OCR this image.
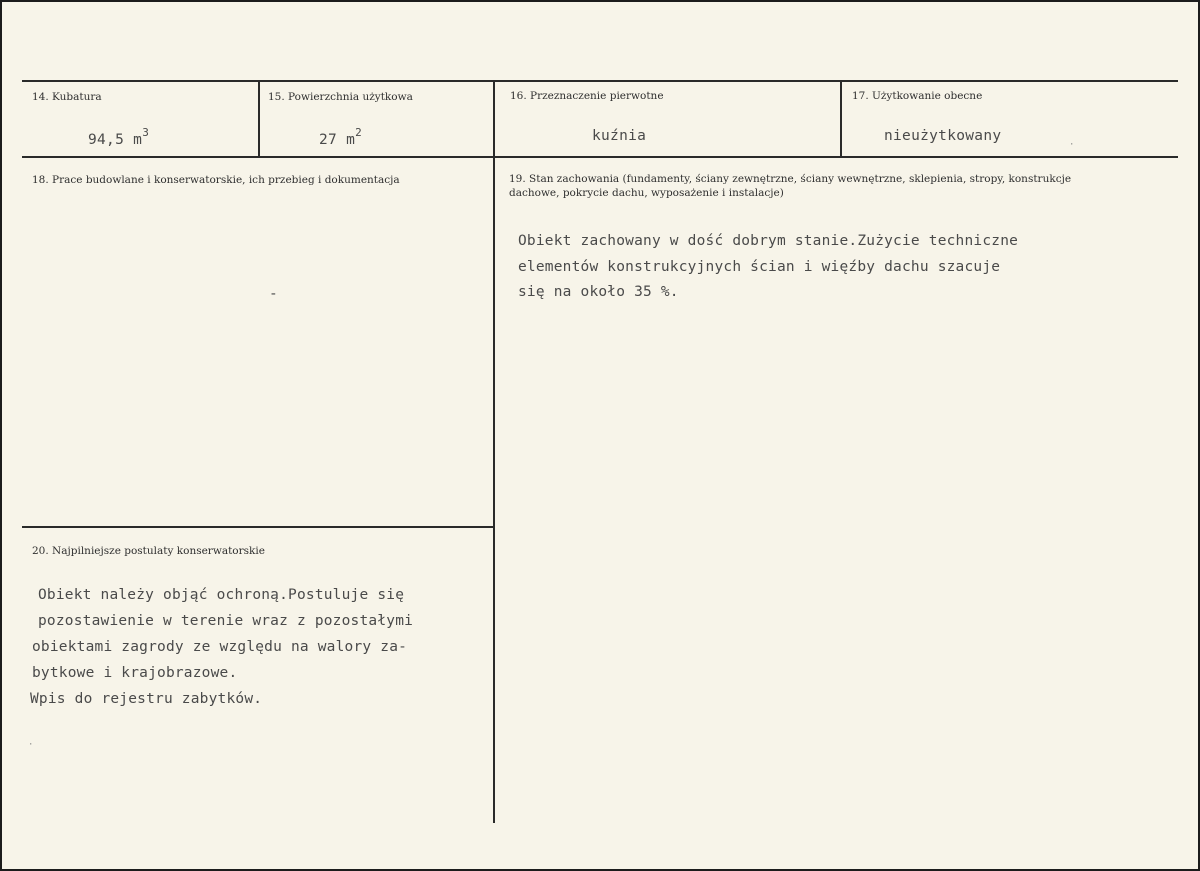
14. Kubatura
94,5 $m^3$
15. Powierzchnia użytkowa
27 $m^2$
16. Przeznaczenie pierwotne
kuźnia
17. Użytkowanie obecne
nieużytkowany
·
18. Prace budowlane i konserwatorskie, ich przebieg i dokumentacja
-
19. Stan zachowania (fundamenty, ściany zewnętrzne, ściany wewnętrzne, sklepienia, stropy, konstrukcje dachowe, pokrycie dachu, wyposażenie i instalacje)
Obiekt zachowany w dość dobrym stanie.Zużycie techniczne
elementów konstrukcyjnych ścian i więźby dachu szacuje
się na około 35 %.
20. Najpilniejsze postulaty konserwatorskie
Obiekt należy objąć ochroną.Postuluje się
pozostawienie w terenie wraz z pozostałymi
obiektami zagrody ze względu na walory za-
bytkowe i krajobrazowe.
Wpis do rejestru zabytków.
·
